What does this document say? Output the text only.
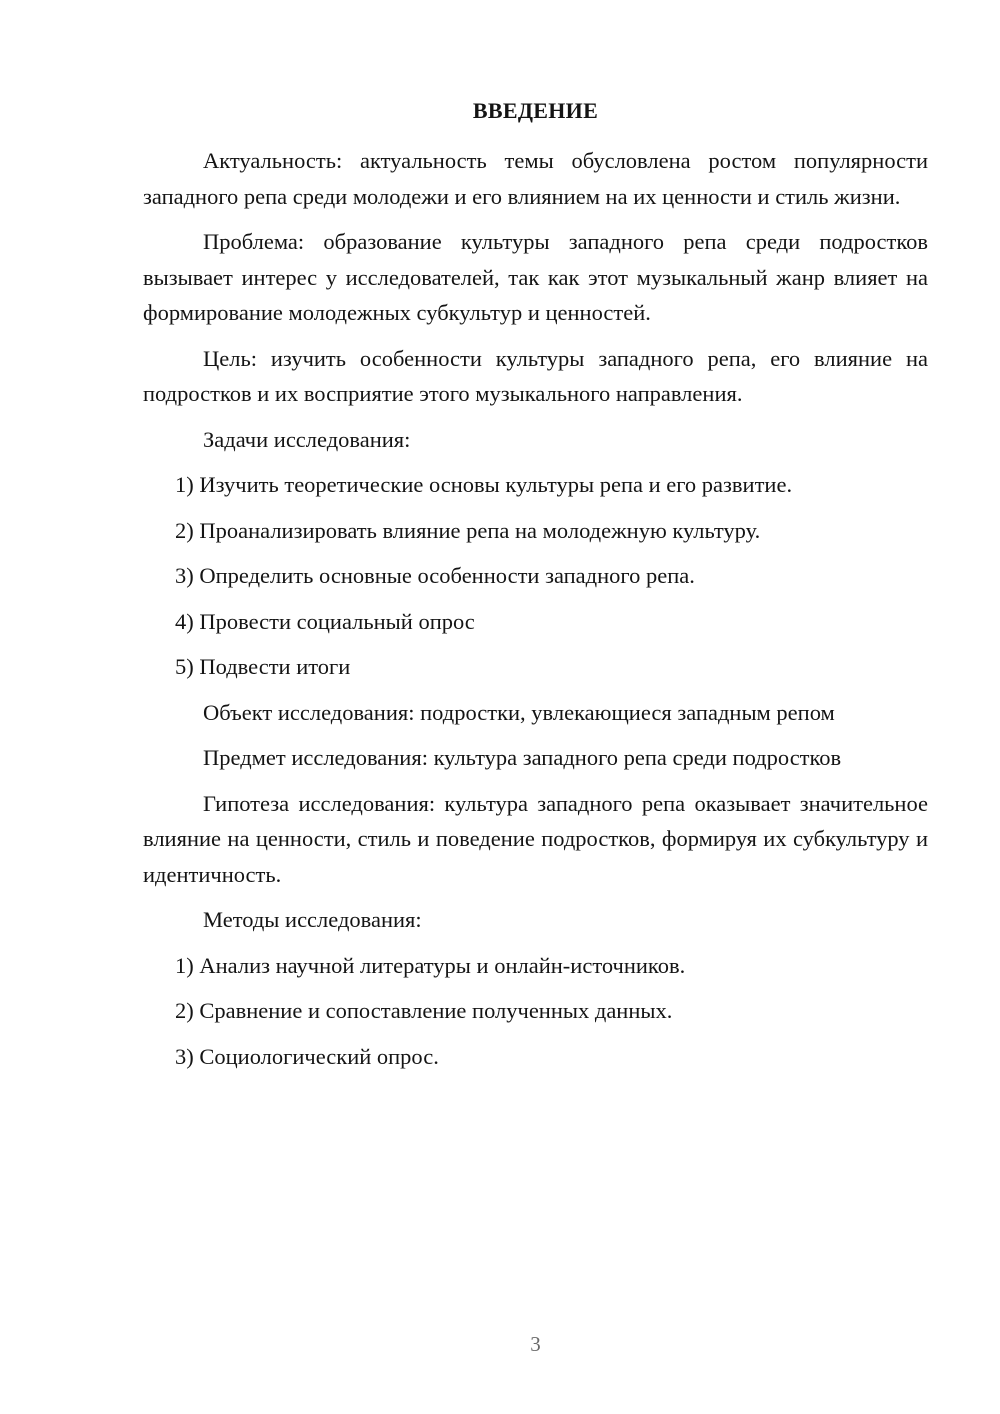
ВВЕДЕНИЕ

Актуальность: актуальность темы обусловлена ростом популярности западного репа среди молодежи и его влиянием на их ценности и стиль жизни.

Проблема: образование культуры западного репа среди подростков вызывает интерес у исследователей, так как этот музыкальный жанр влияет на формирование молодежных субкультур и ценностей.

Цель: изучить особенности культуры западного репа, его влияние на подростков и их восприятие этого музыкального направления.

Задачи исследования:

1) Изучить теоретические основы культуры репа и его развитие.
2) Проанализировать влияние репа на молодежную культуру.
3) Определить основные особенности западного репа.
4) Провести социальный опрос
5) Подвести итоги

Объект исследования: подростки, увлекающиеся западным репом

Предмет исследования: культура западного репа среди подростков

Гипотеза исследования: культура западного репа оказывает значительное влияние на ценности, стиль и поведение подростков, формируя их субкультуру и идентичность.

Методы исследования:

1) Анализ научной литературы и онлайн-источников.
2) Сравнение и сопоставление полученных данных.
3) Социологический опрос.
3
